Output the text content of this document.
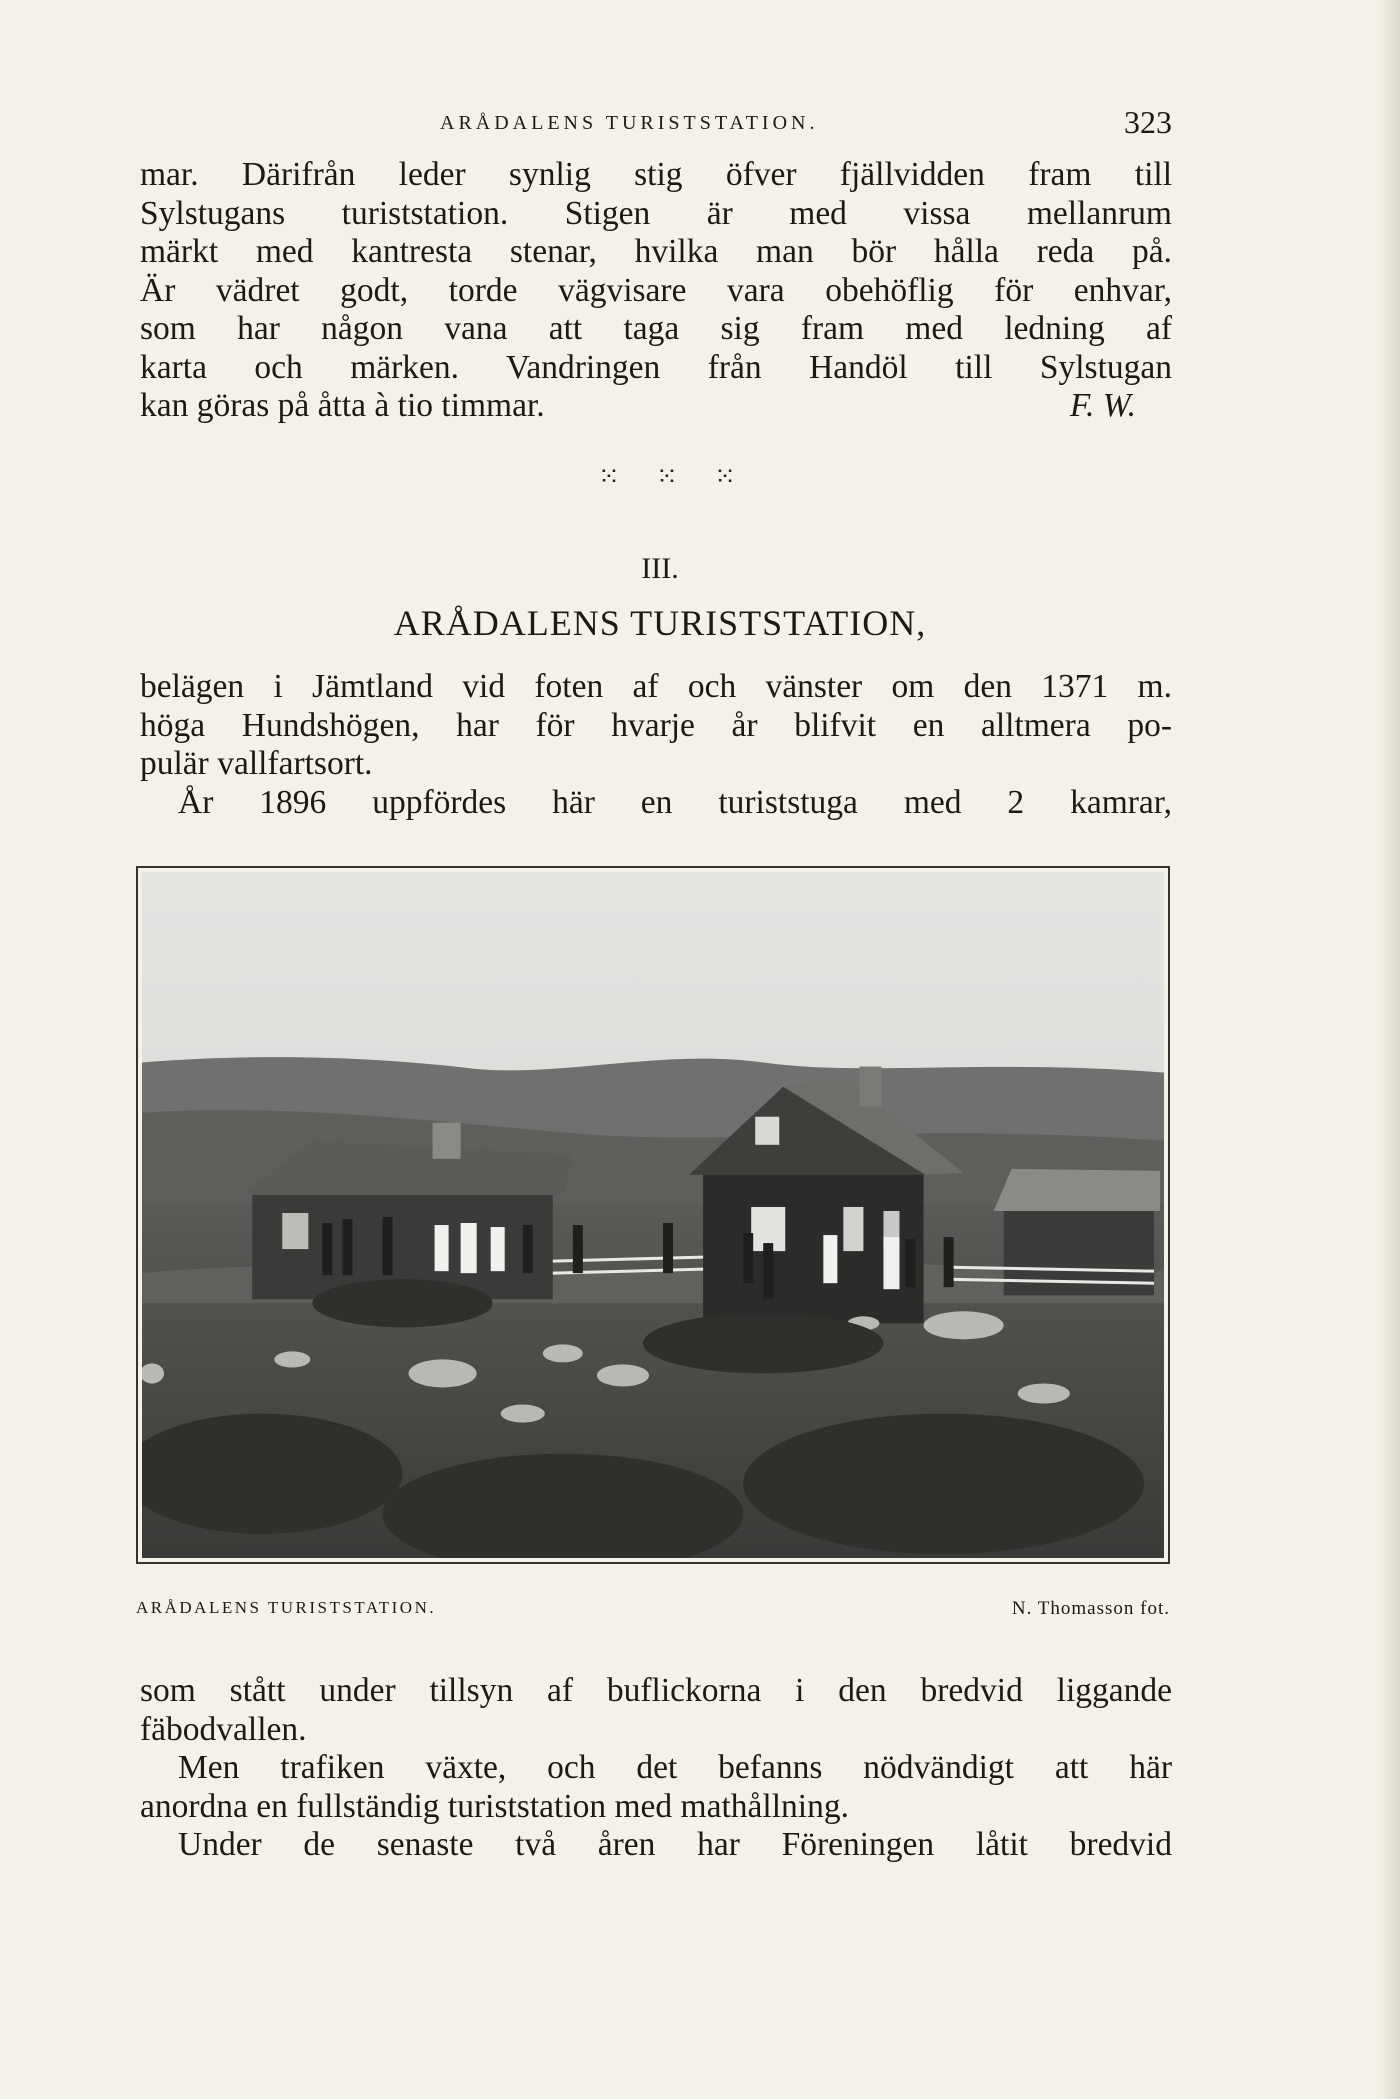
ARÅDALENS TURISTSTATION.	323
mar. Därifrån leder synlig stig öfver fjällvidden fram till
Sylstugans turiststation. Stigen är med vissa mellanrum
märkt med kantresta stenar, hvilka man bör hålla reda på.
Är vädret godt, torde vägvisare vara obehöflig för enhvar,
som har någon vana att taga sig fram med ledning af
karta och märken. Vandringen från Handöl till Sylstugan
kan göras på åtta à tio timmar.	F. W.
⁙ ⁙ ⁙
III.
ARÅDALENS TURISTSTATION,
belägen i Jämtland vid foten af och vänster om den 1371 m.
höga Hundshögen, har för hvarje år blifvit en alltmera po-
pulär vallfartsort.
År 1896 uppfördes här en turiststuga med 2 kamrar,
ARÅDALENS TURISTSTATION.	N. Thomasson fot.
som stått under tillsyn af buflickorna i den bredvid liggande
fäbodvallen.
Men trafiken växte, och det befanns nödvändigt att här
anordna en fullständig turiststation med mathållning.
Under de senaste två åren har Föreningen låtit bredvid
